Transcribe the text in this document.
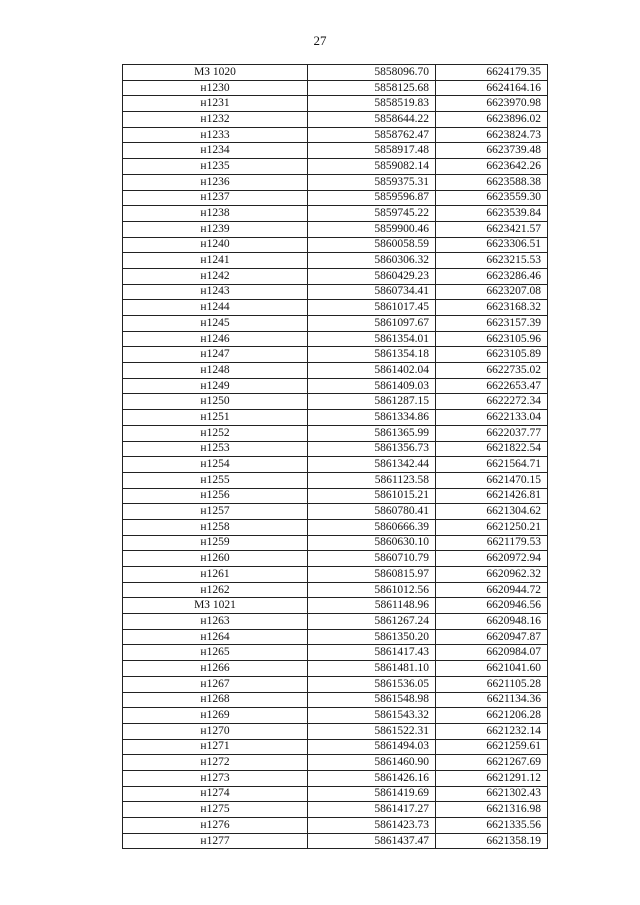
27
МЗ 1020	5858096.70	6624179.35
н1230	5858125.68	6624164.16
н1231	5858519.83	6623970.98
н1232	5858644.22	6623896.02
н1233	5858762.47	6623824.73
н1234	5858917.48	6623739.48
н1235	5859082.14	6623642.26
н1236	5859375.31	6623588.38
н1237	5859596.87	6623559.30
н1238	5859745.22	6623539.84
н1239	5859900.46	6623421.57
н1240	5860058.59	6623306.51
н1241	5860306.32	6623215.53
н1242	5860429.23	6623286.46
н1243	5860734.41	6623207.08
н1244	5861017.45	6623168.32
н1245	5861097.67	6623157.39
н1246	5861354.01	6623105.96
н1247	5861354.18	6623105.89
н1248	5861402.04	6622735.02
н1249	5861409.03	6622653.47
н1250	5861287.15	6622272.34
н1251	5861334.86	6622133.04
н1252	5861365.99	6622037.77
н1253	5861356.73	6621822.54
н1254	5861342.44	6621564.71
н1255	5861123.58	6621470.15
н1256	5861015.21	6621426.81
н1257	5860780.41	6621304.62
н1258	5860666.39	6621250.21
н1259	5860630.10	6621179.53
н1260	5860710.79	6620972.94
н1261	5860815.97	6620962.32
н1262	5861012.56	6620944.72
МЗ 1021	5861148.96	6620946.56
н1263	5861267.24	6620948.16
н1264	5861350.20	6620947.87
н1265	5861417.43	6620984.07
н1266	5861481.10	6621041.60
н1267	5861536.05	6621105.28
н1268	5861548.98	6621134.36
н1269	5861543.32	6621206.28
н1270	5861522.31	6621232.14
н1271	5861494.03	6621259.61
н1272	5861460.90	6621267.69
н1273	5861426.16	6621291.12
н1274	5861419.69	6621302.43
н1275	5861417.27	6621316.98
н1276	5861423.73	6621335.56
н1277	5861437.47	6621358.19
